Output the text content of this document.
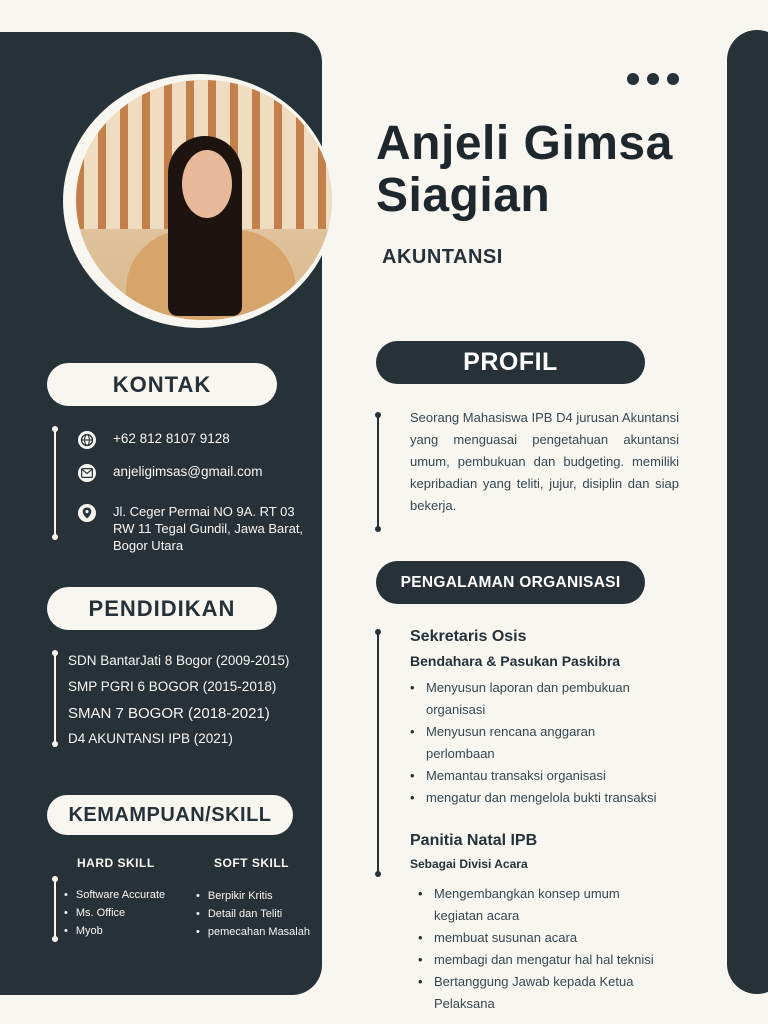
Anjeli Gimsa
Siagian
AKUNTANSI
KONTAK
+62 812 8107 9128
anjeligimsas@gmail.com
Jl. Ceger Permai NO 9A. RT 03
RW 11 Tegal Gundil, Jawa Barat,
Bogor Utara
PENDIDIKAN
SDN BantarJati 8 Bogor (2009-2015)
SMP PGRI 6 BOGOR (2015-2018)
SMAN 7 BOGOR (2018-2021)
D4 AKUNTANSI IPB (2021)
KEMAMPUAN/SKILL
HARD SKILL	SOFT SKILL
• Software Accurate
• Ms. Office
• Myob
• Berpikir Kritis
• Detail dan Teliti
• pemecahan Masalah
PROFIL
Seorang Mahasiswa IPB D4 jurusan Akuntansi yang menguasai pengetahuan akuntansi umum, pembukuan dan budgeting. memiliki kepribadian yang teliti, jujur, disiplin dan siap bekerja.
PENGALAMAN ORGANISASI
Sekretaris Osis
Bendahara & Pasukan Paskibra
• Menyusun laporan dan pembukuan organisasi
• Menyusun rencana anggaran perlombaan
• Memantau transaksi organisasi
• mengatur dan mengelola bukti transaksi
Panitia Natal IPB
Sebagai Divisi Acara
• Mengembangkan konsep umum kegiatan acara
• membuat susunan acara
• membagi dan mengatur hal hal teknisi
• Bertanggung Jawab kepada Ketua Pelaksana
